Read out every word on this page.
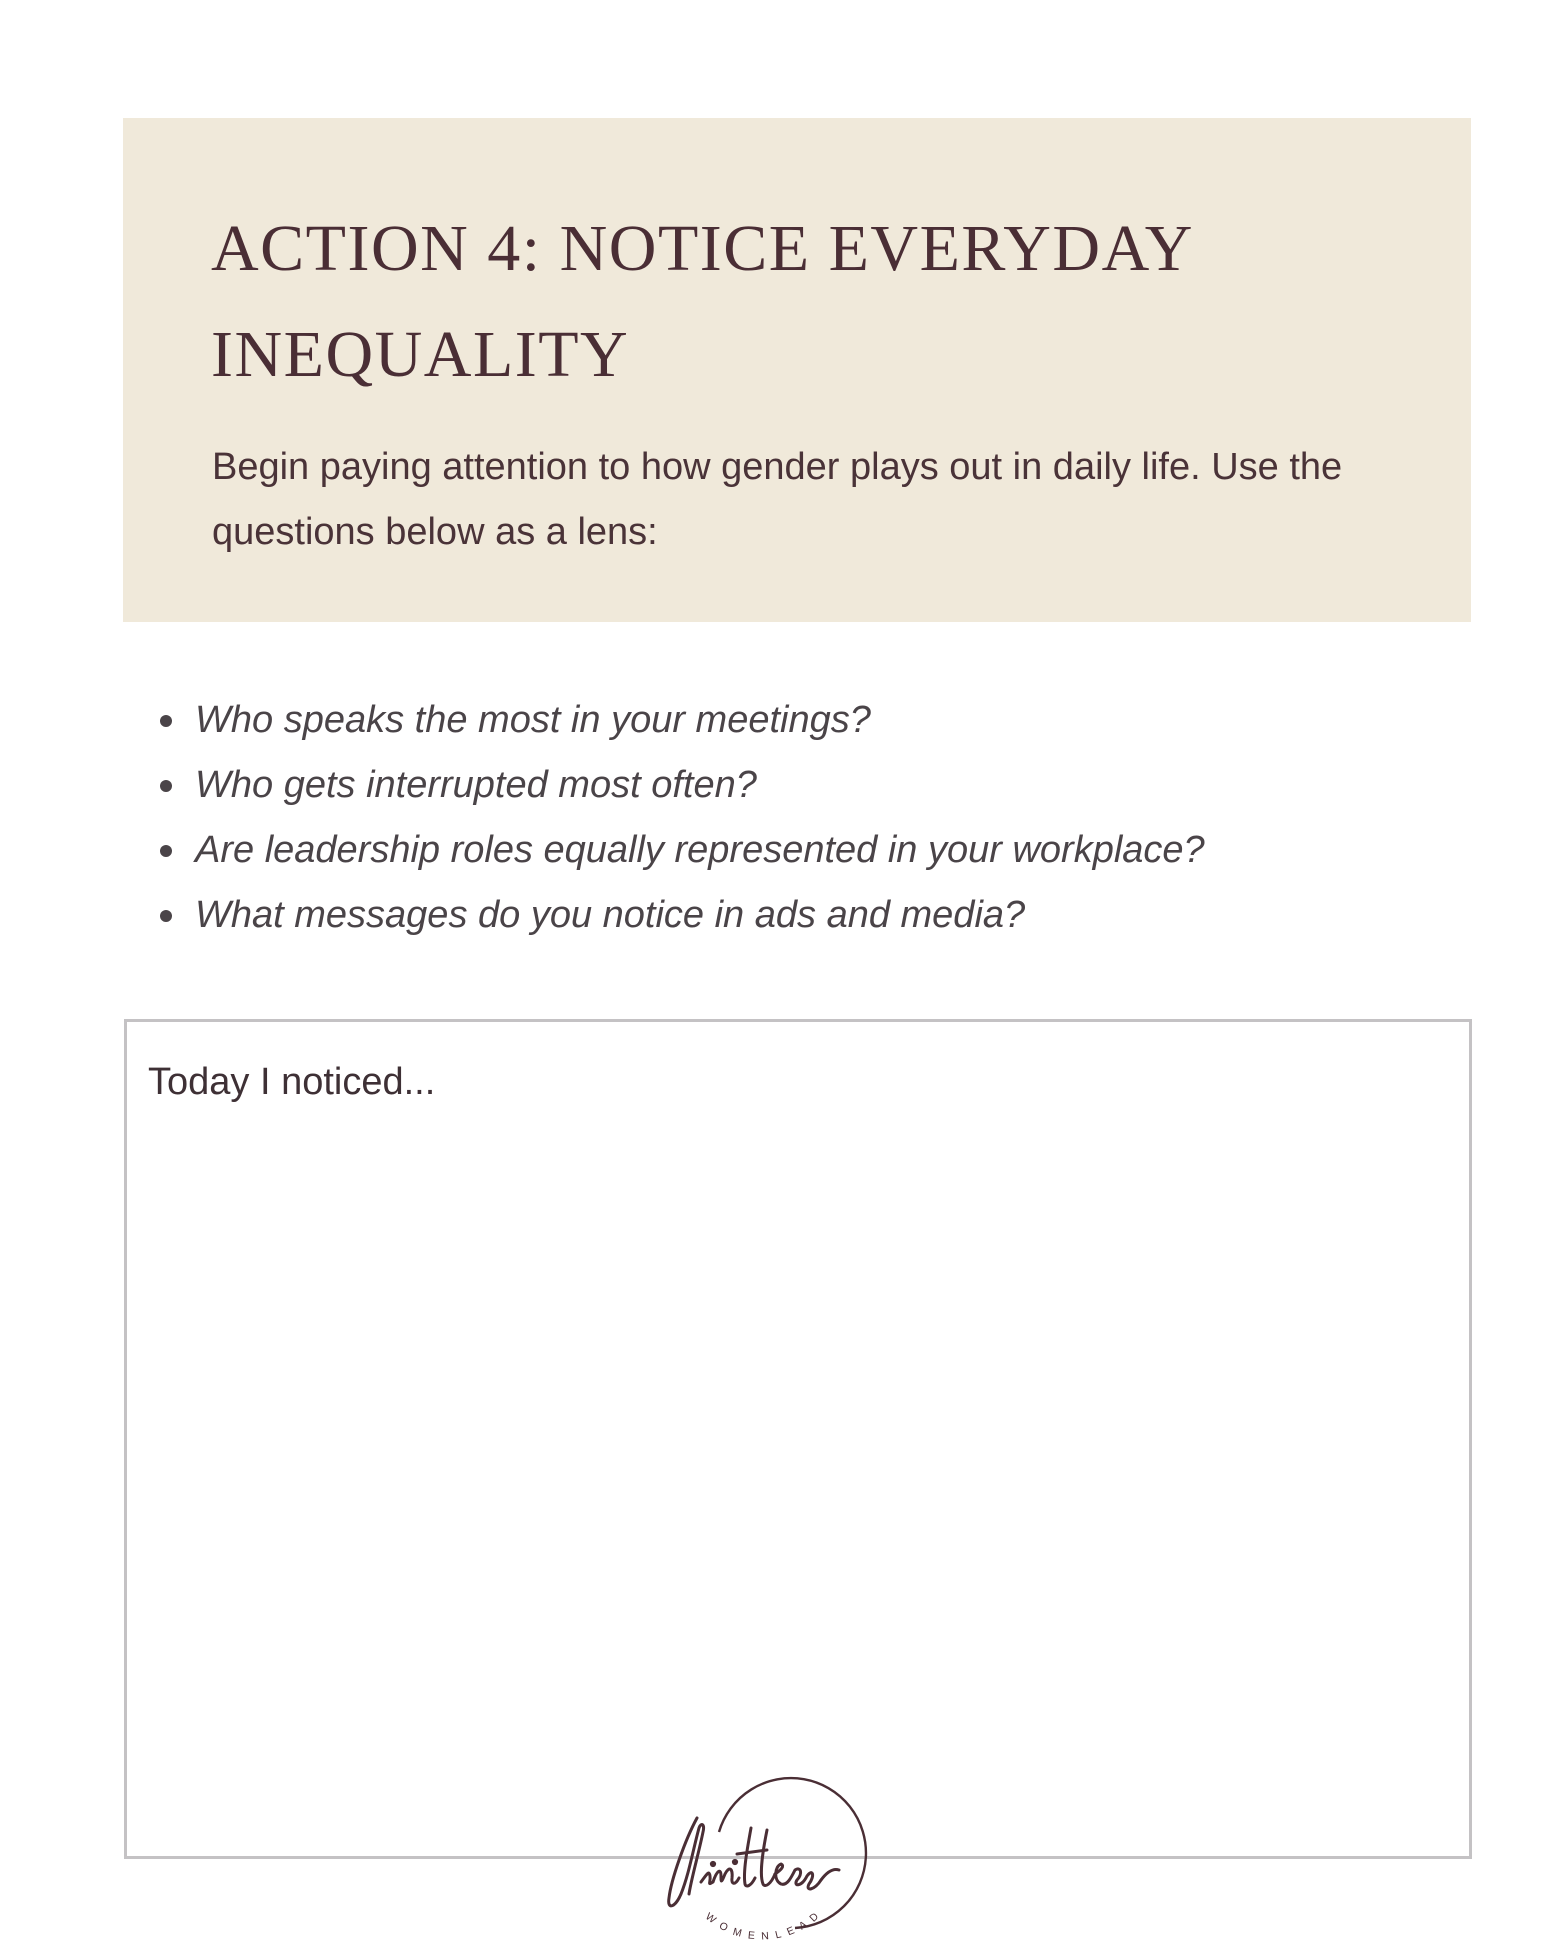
ACTION 4: NOTICE EVERYDAY INEQUALITY

Begin paying attention to how gender plays out in daily life. Use the questions below as a lens:

Who speaks the most in your meetings?
Who gets interrupted most often?
Are leadership roles equally represented in your workplace?
What messages do you notice in ads and media?
Today I noticed...
WOMENLEAD
